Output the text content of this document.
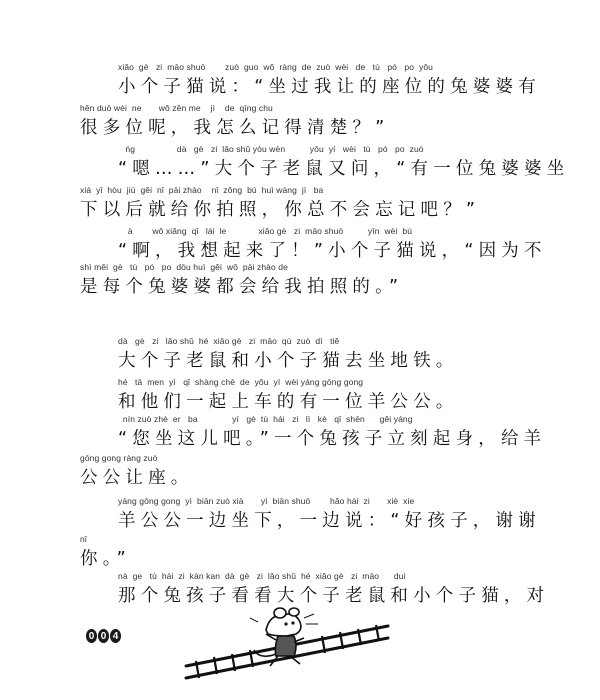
xiǎo  gè   zi  māo shuō        zuò  guo  wǒ  ràng  de  zuò  wèi   de   tù   pó   po  yǒu
小个子猫说：“坐过我让的座位的兔婆婆有
hěn duō wèi  ne       wǒ zěn me    jì    de  qīng chu
很多位呢，我怎么记得清楚？”
ńg                 dà   gè   zi  lǎo shǔ yòu wèn          yǒu  yí   wèi   tù   pó   po  zuò
“嗯……”大个子老鼠又问，“有一位兔婆婆坐
xià  yǐ  hòu  jiù  gěi  nǐ  pāi zhào    nǐ  zǒng  bú  huì wàng  jì   ba
下以后就给你拍照，你总不会忘记吧？”
à        wǒ xiǎng  qǐ   lái  le             xiǎo gè   zi  māo shuō          yīn  wèi  bú
“啊，我想起来了！”小个子猫说，“因为不
shì měi  gè   tù   pó   po  dōu huì  gěi  wǒ  pāi zhào de
是每个兔婆婆都会给我拍照的。”
dà   gè   zi   lǎo shǔ  hé  xiǎo gè   zi  māo  qù  zuò  dì   tiě
大个子老鼠和小个子猫去坐地铁。
hé   tā  men  yì   qǐ  shàng chē  de  yǒu  yí  wèi yáng gōng gong
和他们一起上车的有一位羊公公。
nín zuò zhè  er   ba              yí   gè  tù  hái   zi   lì   kè   qǐ  shēn      gěi yáng
“您坐这儿吧。”一个兔孩子立刻起身，给羊
gōng gong ràng zuò
公公让座。
yáng gōng gong  yì  biān zuò xià       yì  biān shuō        hǎo hái  zi       xiè  xie
羊公公一边坐下，一边说：“好孩子，谢谢
nǐ
你。”
nà  ge   tù  hái  zi  kàn kan  dà  gè   zi  lǎo shǔ  hé  xiǎo gè   zi  māo      duì
那个兔孩子看看大个子老鼠和小个子猫，对
0 0 4
